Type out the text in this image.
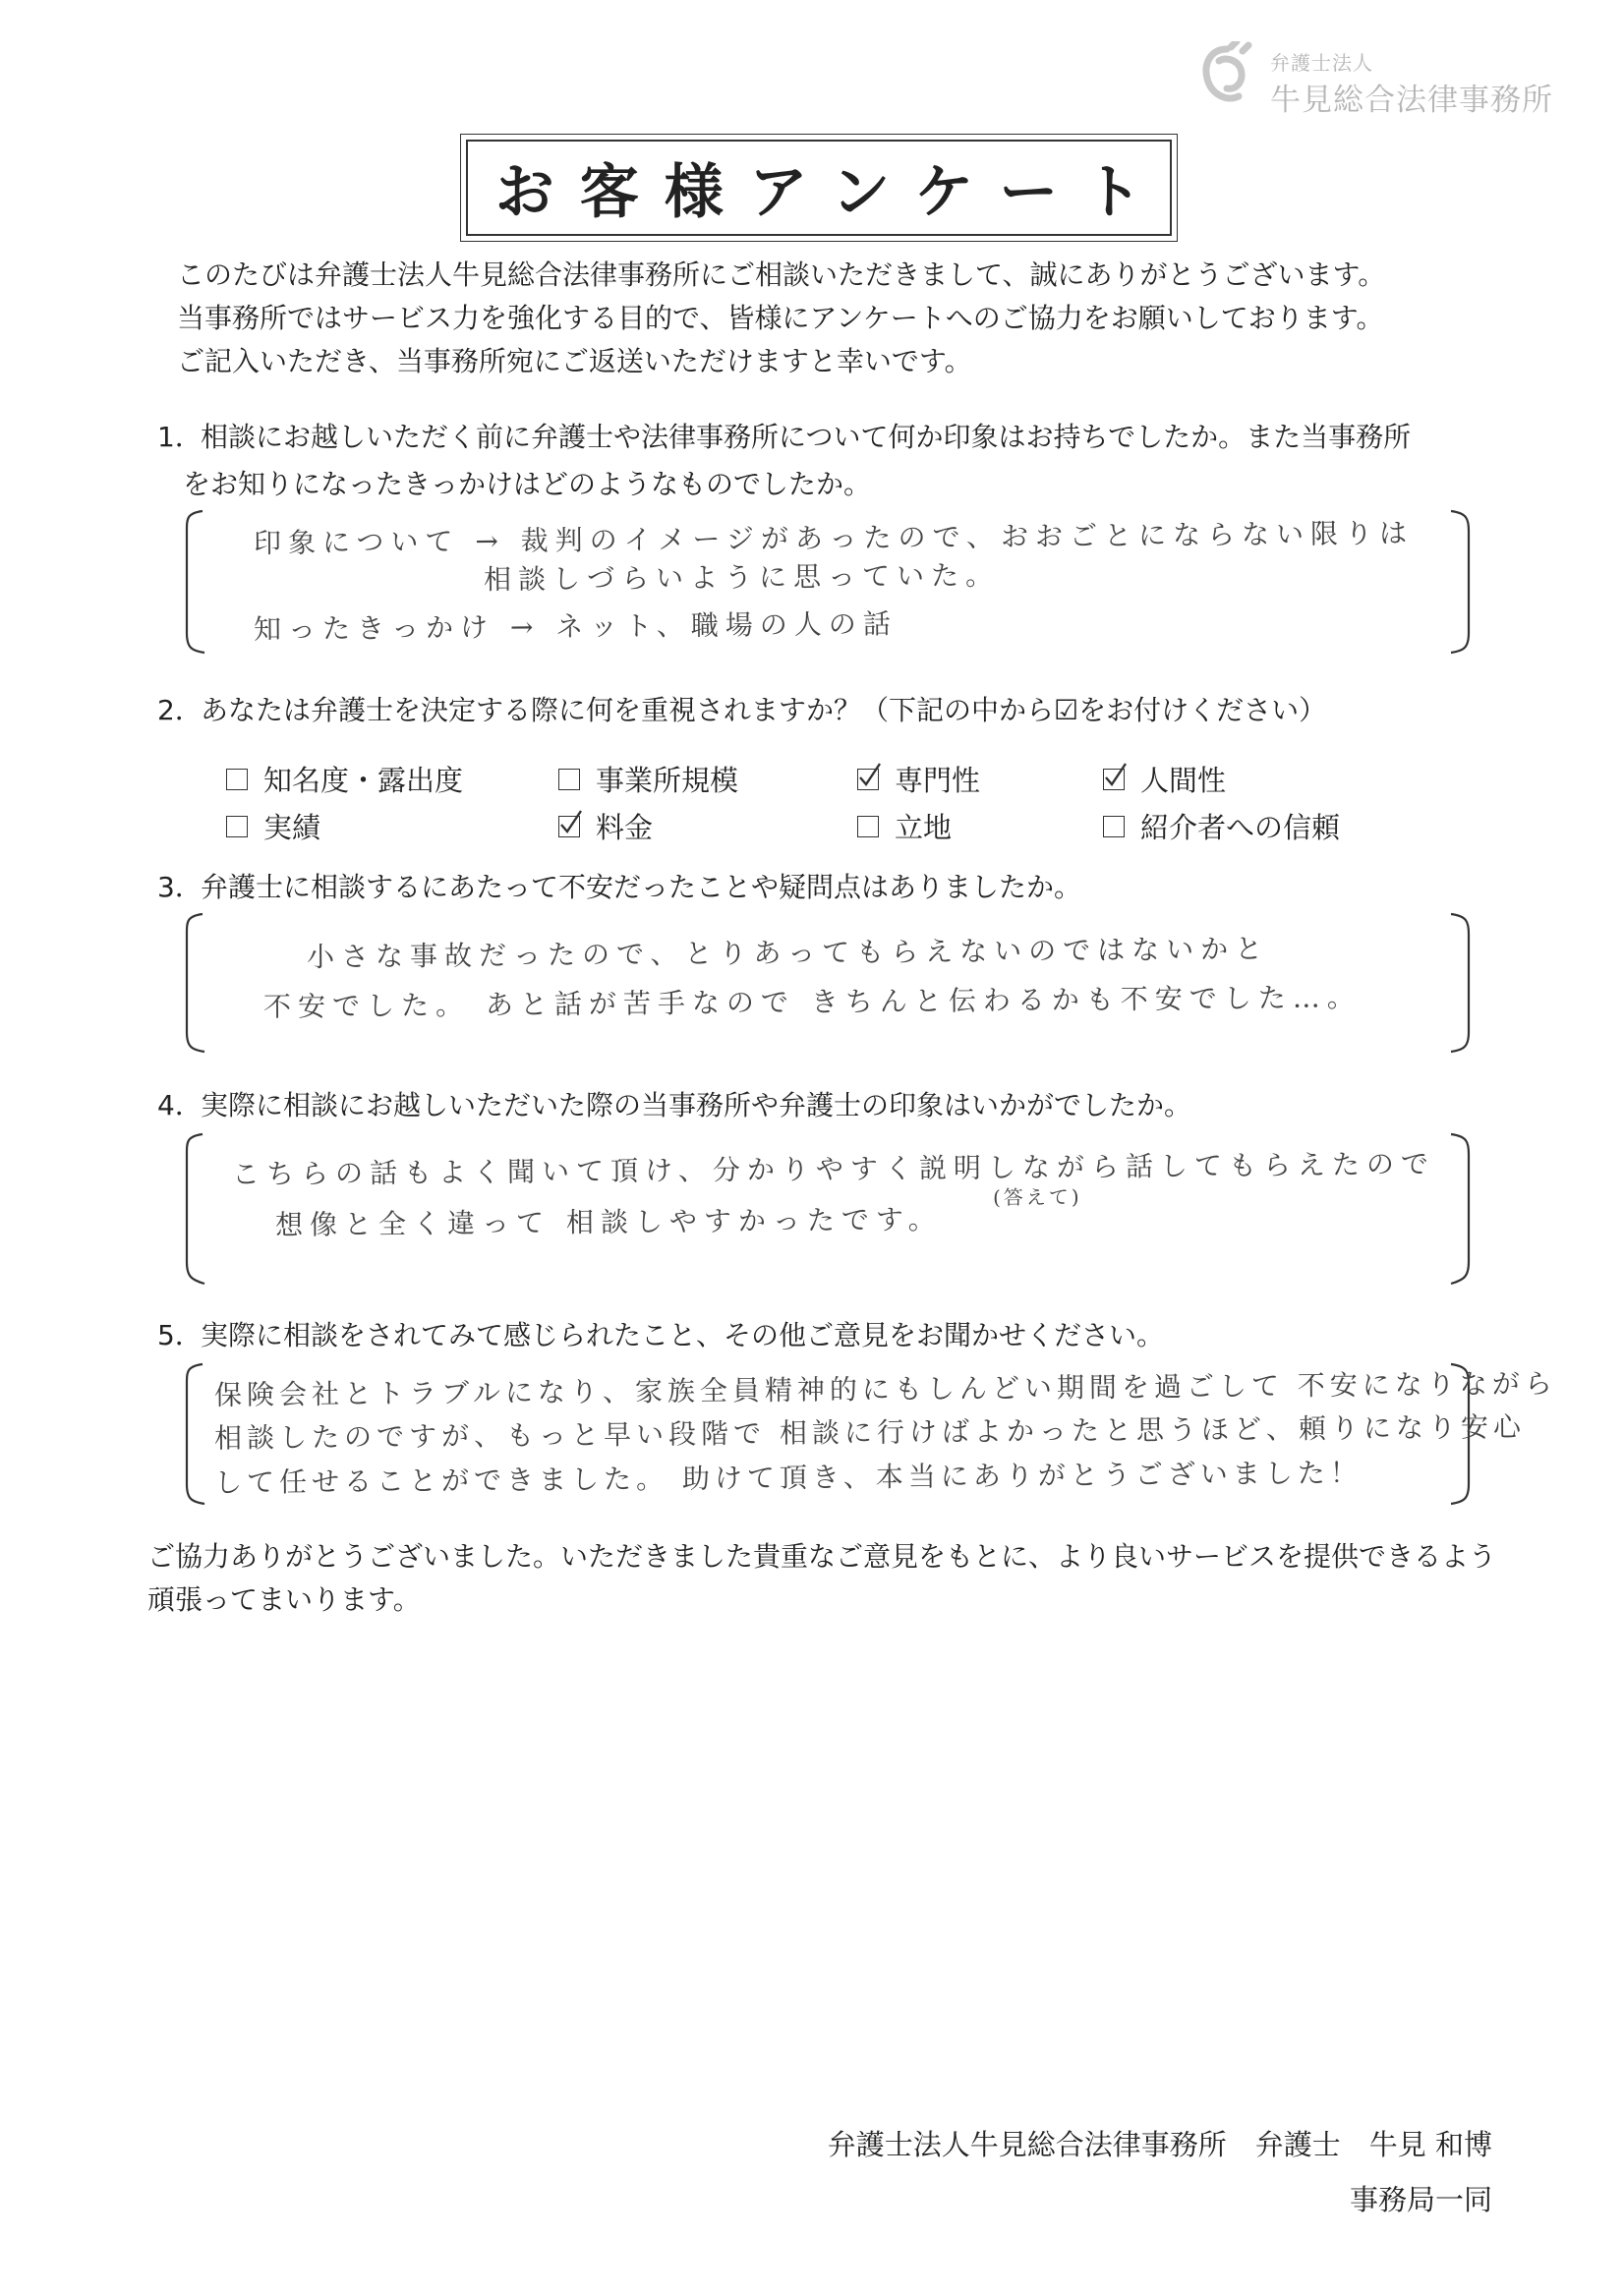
弁護士法人
牛見総合法律事務所
お客様アンケート
このたびは弁護士法人牛見総合法律事務所にご相談いただきまして、誠にありがとうございます。
当事務所ではサービス力を強化する目的で、皆様にアンケートへのご協力をお願いしております。
ご記入いただき、当事務所宛にご返送いただけますと幸いです。
1．相談にお越しいただく前に弁護士や法律事務所について何か印象はお持ちでしたか。また当事務所
をお知りになったきっかけはどのようなものでしたか。
印象について → 裁判のイメージがあったので、おおごとにならない限りは
相談しづらいように思っていた。
知ったきっかけ → ネット、職場の人の話
2．あなたは弁護士を決定する際に何を重視されますか？（下記の中から☑をお付けください）
知名度・露出度	事業所規模	専門性	人間性
実績	料金	立地	紹介者への信頼
3．弁護士に相談するにあたって不安だったことや疑問点はありましたか。
小さな事故だったので、とりあってもらえないのではないかと
不安でした。 あと話が苦手なので きちんと伝わるかも不安でした…。
4．実際に相談にお越しいただいた際の当事務所や弁護士の印象はいかがでしたか。
こちらの話もよく聞いて頂け、分かりやすく説明しながら話してもらえたので
想像と全く違って 相談しやすかったです。
(答えて)
5．実際に相談をされてみて感じられたこと、その他ご意見をお聞かせください。
保険会社とトラブルになり、家族全員精神的にもしんどい期間を過ごして 不安になりながら
相談したのですが、もっと早い段階で 相談に行けばよかったと思うほど、頼りになり安心
して任せることができました。 助けて頂き、本当にありがとうございました！
ご協力ありがとうございました。いただきました貴重なご意見をもとに、より良いサービスを提供できるよう
頑張ってまいります。
弁護士法人牛見総合法律事務所　弁護士　牛見 和博
事務局一同
